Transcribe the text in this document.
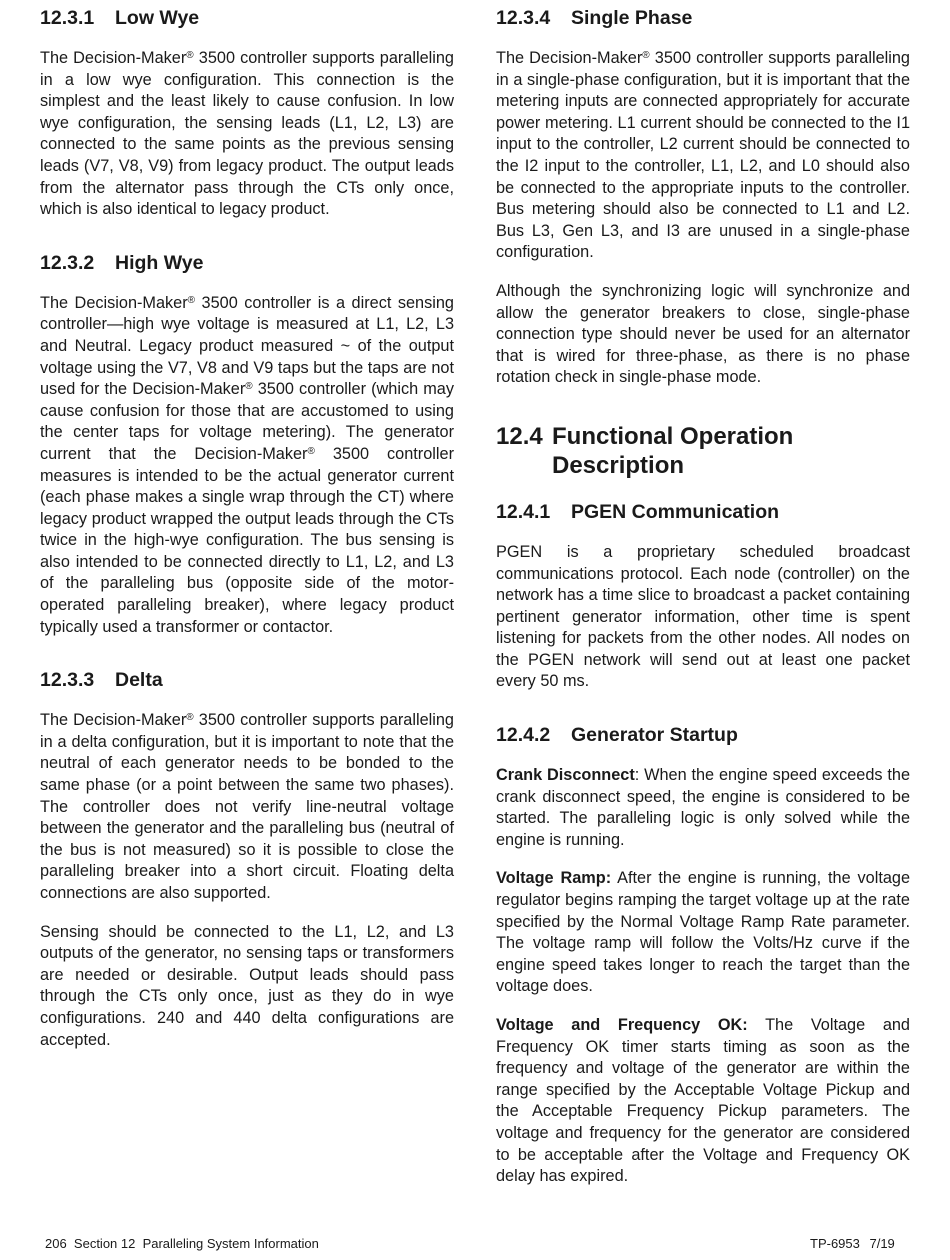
12.3.1 Low Wye

The Decision-Maker® 3500 controller supports paralleling in a low wye configuration. This connection is the simplest and the least likely to cause confusion. In low wye configuration, the sensing leads (L1, L2, L3) are connected to the same points as the previous sensing leads (V7, V8, V9) from legacy product. The output leads from the alternator pass through the CTs only once, which is also identical to legacy product.

12.3.2 High Wye

The Decision-Maker® 3500 controller is a direct sensing controller—high wye voltage is measured at L1, L2, L3 and Neutral. Legacy product measured ~ of the output voltage using the V7, V8 and V9 taps but the taps are not used for the Decision-Maker® 3500 controller (which may cause confusion for those that are accustomed to using the center taps for voltage metering). The generator current that the Decision-Maker® 3500 controller measures is intended to be the actual generator current (each phase makes a single wrap through the CT) where legacy product wrapped the output leads through the CTs twice in the high-wye configuration. The bus sensing is also intended to be connected directly to L1, L2, and L3 of the paralleling bus (opposite side of the motor-operated paralleling breaker), where legacy product typically used a transformer or contactor.

12.3.3 Delta

The Decision-Maker® 3500 controller supports paralleling in a delta configuration, but it is important to note that the neutral of each generator needs to be bonded to the same phase (or a point between the same two phases). The controller does not verify line-neutral voltage between the generator and the paralleling bus (neutral of the bus is not measured) so it is possible to close the paralleling breaker into a short circuit. Floating delta connections are also supported.

Sensing should be connected to the L1, L2, and L3 outputs of the generator, no sensing taps or transformers are needed or desirable. Output leads should pass through the CTs only once, just as they do in wye configurations. 240 and 440 delta configurations are accepted.

12.3.4 Single Phase

The Decision-Maker® 3500 controller supports paralleling in a single-phase configuration, but it is important that the metering inputs are connected appropriately for accurate power metering. L1 current should be connected to the I1 input to the controller, L2 current should be connected to the I2 input to the controller, L1, L2, and L0 should also be connected to the appropriate inputs to the controller. Bus metering should also be connected to L1 and L2. Bus L3, Gen L3, and I3 are unused in a single-phase configuration.

Although the synchronizing logic will synchronize and allow the generator breakers to close, single-phase connection type should never be used for an alternator that is wired for three-phase, as there is no phase rotation check in single-phase mode.

12.4 Functional Operation
Description
12.4.1 PGEN Communication

PGEN is a proprietary scheduled broadcast communications protocol. Each node (controller) on the network has a time slice to broadcast a packet containing pertinent generator information, other time is spent listening for packets from the other nodes. All nodes on the PGEN network will send out at least one packet every 50 ms.

12.4.2 Generator Startup

Crank Disconnect: When the engine speed exceeds the crank disconnect speed, the engine is considered to be started. The paralleling logic is only solved while the engine is running.

Voltage Ramp: After the engine is running, the voltage regulator begins ramping the target voltage up at the rate specified by the Normal Voltage Ramp Rate parameter. The voltage ramp will follow the Volts/Hz curve if the engine speed takes longer to reach the target than the voltage does.

Voltage and Frequency OK: The Voltage and Frequency OK timer starts timing as soon as the frequency and voltage of the generator are within the range specified by the Acceptable Voltage Pickup and the Acceptable Frequency Pickup parameters. The voltage and frequency for the generator are considered to be acceptable after the Voltage and Frequency OK delay has expired.

206  Section 12  Paralleling System Information	TP-6953 7/19
